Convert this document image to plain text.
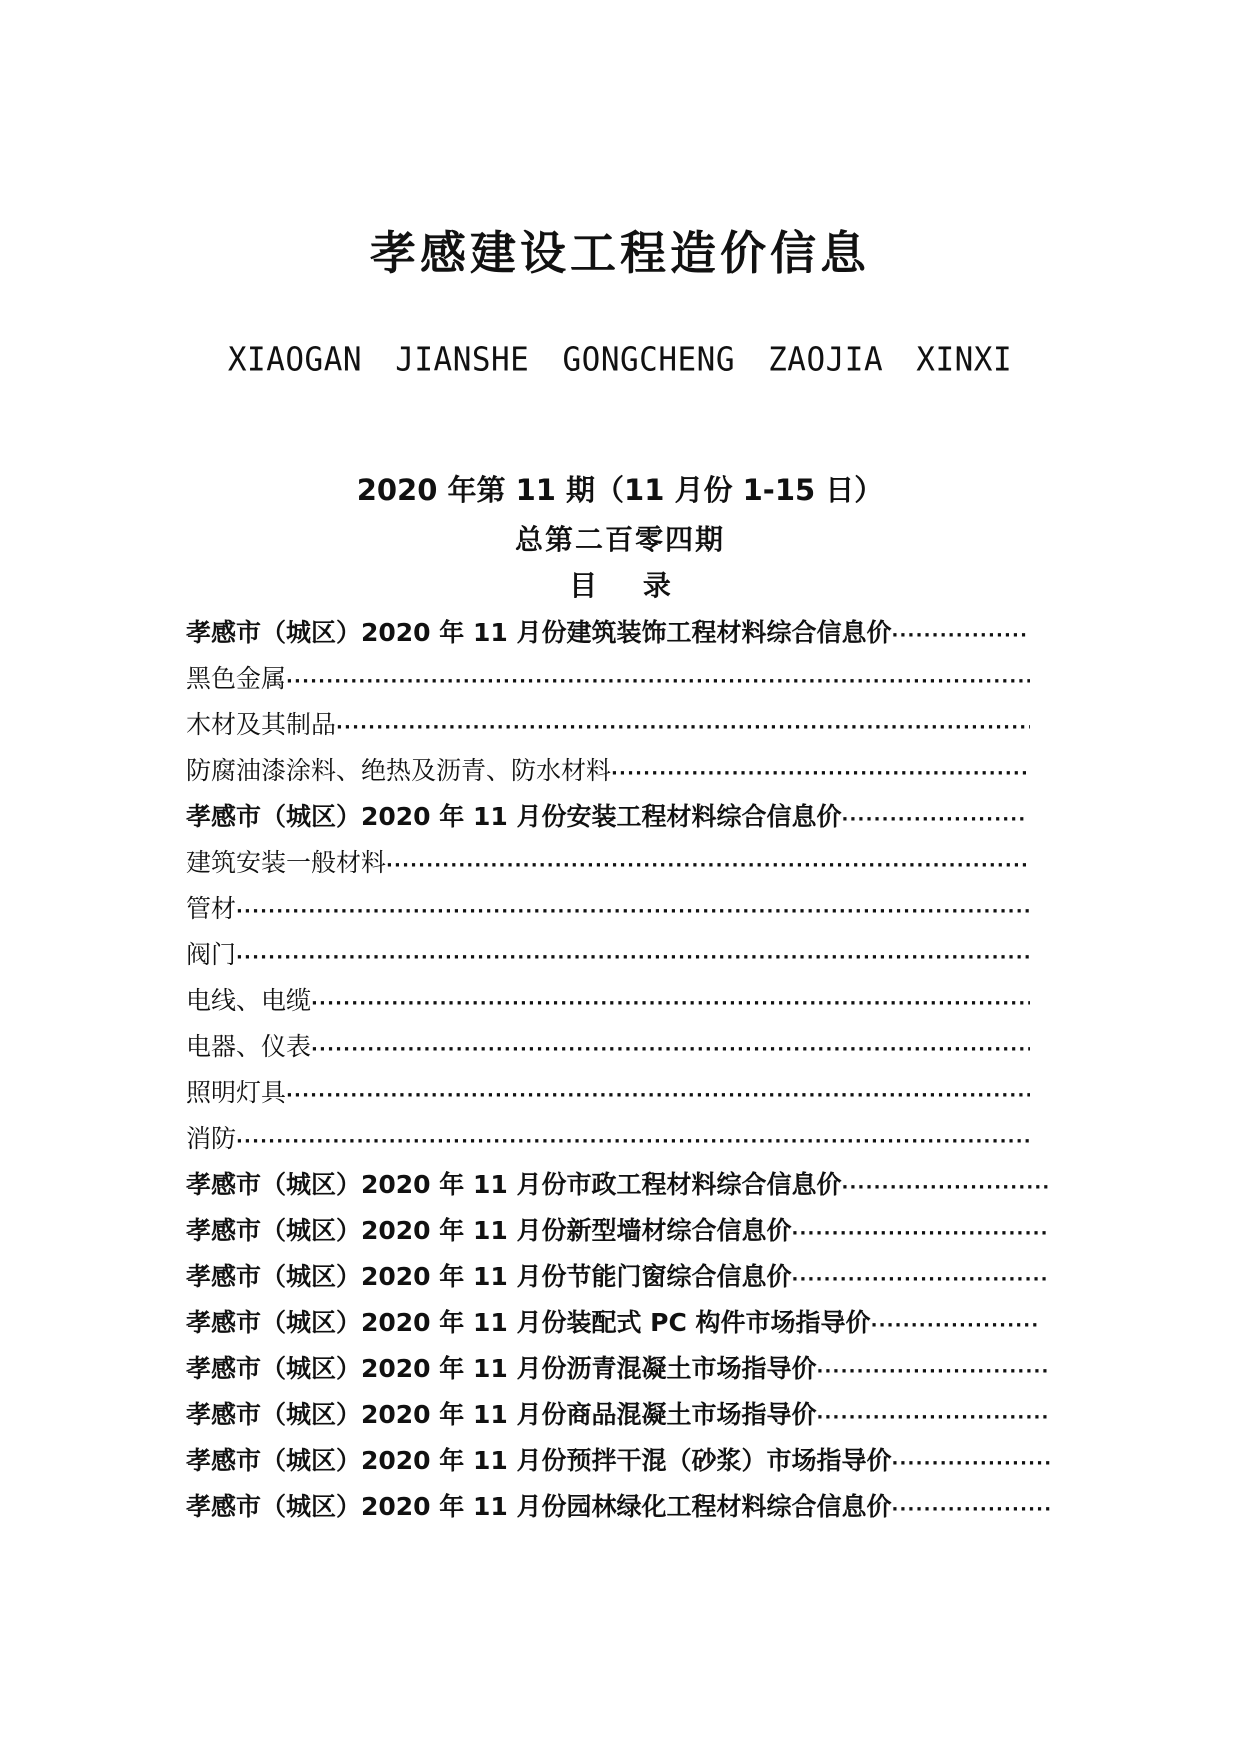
孝感建设工程造价信息
XIAOGAN JIANSHE GONGCHENG ZAOJIA XINXI
2020 年第 11 期（11 月份 1-15 日）
总第二百零四期
目 录
孝感市（城区）2020 年 11 月份建筑装饰工程材料综合信息价
·····
黑色金属
·····
木材及其制品
·····
防腐油漆涂料、绝热及沥青、防水材料
·····
孝感市（城区）2020 年 11 月份安装工程材料综合信息价
·····
建筑安装一般材料
·····
管材
·····
阀门
·····
电线、电缆
·····
电器、仪表
·····
照明灯具
·····
消防
·····
孝感市（城区）2020 年 11 月份市政工程材料综合信息价
·····
孝感市（城区）2020 年 11 月份新型墙材综合信息价
·····
孝感市（城区）2020 年 11 月份节能门窗综合信息价
·····
孝感市（城区）2020 年 11 月份装配式 PC 构件市场指导价
·····
孝感市（城区）2020 年 11 月份沥青混凝土市场指导价
·····
孝感市（城区）2020 年 11 月份商品混凝土市场指导价
·····
孝感市（城区）2020 年 11 月份预拌干混（砂浆）市场指导价
·····
孝感市（城区）2020 年 11 月份园林绿化工程材料综合信息价
·····
